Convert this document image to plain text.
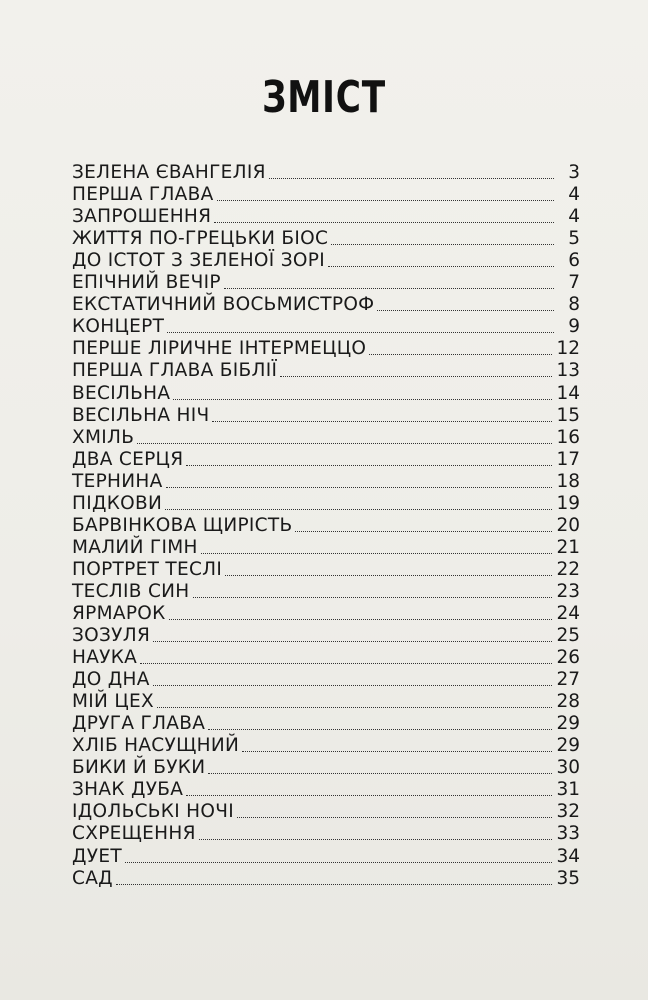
ЗМІСТ
ЗЕЛЕНА ЄВАНГЕЛІЯ	3
ПЕРША ГЛАВА	4
ЗАПРОШЕННЯ	4
ЖИТТЯ ПО-ГРЕЦЬКИ БІОС	5
ДО ІСТОТ З ЗЕЛЕНОЇ ЗОРІ	6
ЕПІЧНИЙ ВЕЧІР	7
ЕКСТАТИЧНИЙ ВОСЬМИСТРОФ	8
КОНЦЕРТ	9
ПЕРШЕ ЛІРИЧНЕ ІНТЕРМЕЦЦО	12
ПЕРША ГЛАВА БІБЛІЇ	13
ВЕСІЛЬНА	14
ВЕСІЛЬНА НІЧ	15
ХМІЛЬ	16
ДВА СЕРЦЯ	17
ТЕРНИНА	18
ПІДКОВИ	19
БАРВІНКОВА ЩИРІСТЬ	20
МАЛИЙ ГІМН	21
ПОРТРЕТ ТЕСЛІ	22
ТЕСЛІВ СИН	23
ЯРМАРОК	24
ЗОЗУЛЯ	25
НАУКА	26
ДО ДНА	27
МІЙ ЦЕХ	28
ДРУГА ГЛАВА	29
ХЛІБ НАСУЩНИЙ	29
БИКИ Й БУКИ	30
ЗНАК ДУБА	31
ІДОЛЬСЬКІ НОЧІ	32
СХРЕЩЕННЯ	33
ДУЕТ	34
САД	35
